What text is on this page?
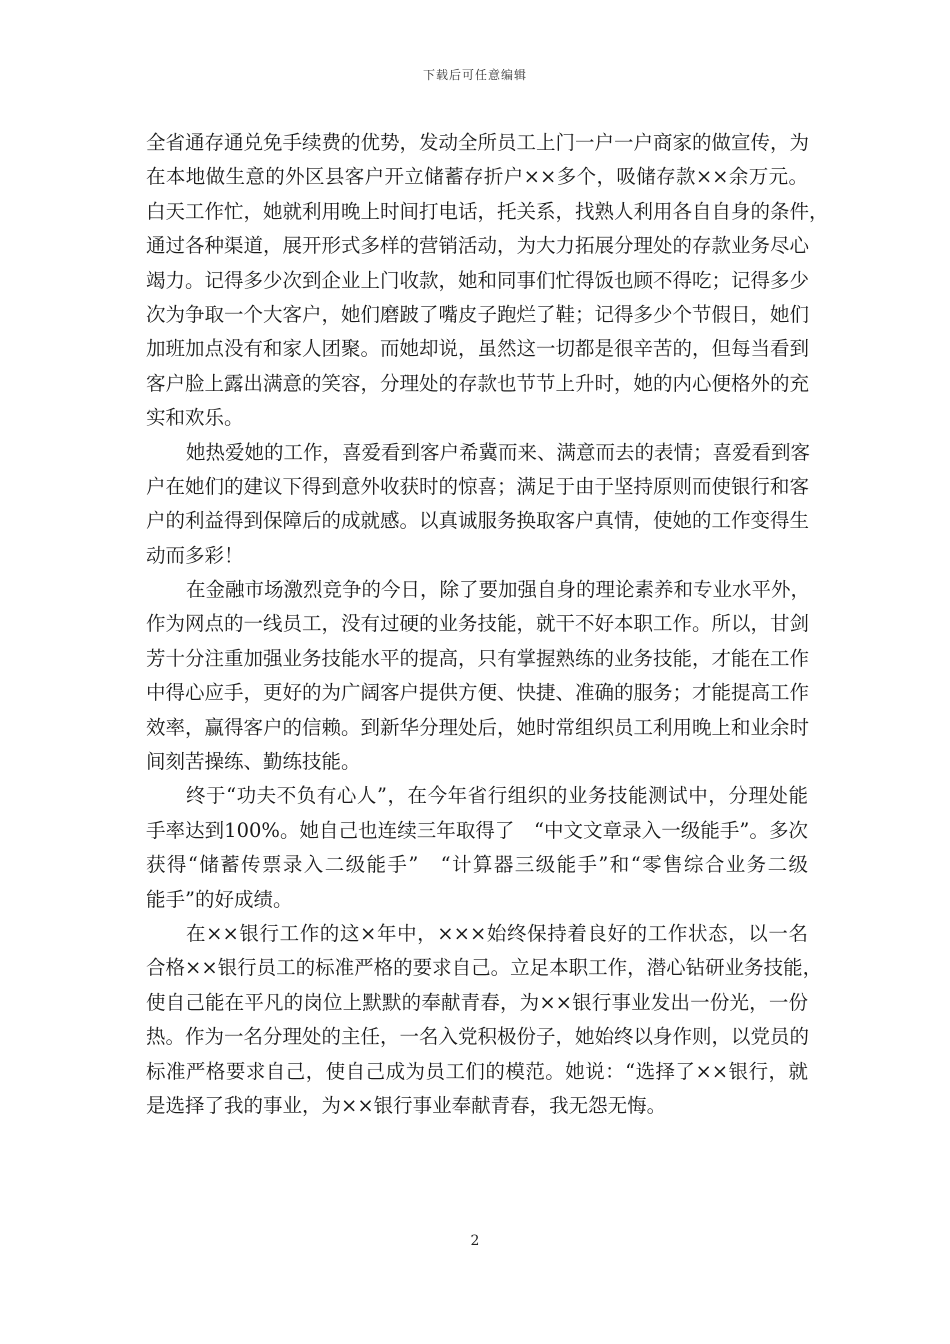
下载后可任意编辑
全省通存通兑免手续费的优势，发动全所员工上门一户一户商家的做宣传，为
在本地做生意的外区县客户开立储蓄存折户××多个，吸储存款××余万元。
白天工作忙，她就利用晚上时间打电话，托关系，找熟人利用各自自身的条件，
通过各种渠道，展开形式多样的营销活动，为大力拓展分理处的存款业务尽心
竭力。记得多少次到企业上门收款，她和同事们忙得饭也顾不得吃；记得多少
次为争取一个大客户，她们磨跛了嘴皮子跑烂了鞋；记得多少个节假日，她们
加班加点没有和家人团聚。而她却说，虽然这一切都是很辛苦的，但每当看到
客户脸上露出满意的笑容，分理处的存款也节节上升时，她的内心便格外的充
实和欢乐。
她热爱她的工作，喜爱看到客户希冀而来、满意而去的表情；喜爱看到客
户在她们的建议下得到意外收获时的惊喜；满足于由于坚持原则而使银行和客
户的利益得到保障后的成就感。以真诚服务换取客户真情，使她的工作变得生
动而多彩！
在金融市场激烈竞争的今日，除了要加强自身的理论素养和专业水平外，
作为网点的一线员工，没有过硬的业务技能，就干不好本职工作。所以，甘剑
芳十分注重加强业务技能水平的提高，只有掌握熟练的业务技能，才能在工作
中得心应手，更好的为广阔客户提供方便、快捷、准确的服务；才能提高工作
效率，赢得客户的信赖。到新华分理处后，她时常组织员工利用晚上和业余时
间刻苦操练、勤练技能。
终于“功夫不负有心人”，在今年省行组织的业务技能测试中，分理处能
手率达到100%。她自己也连续三年取得了　“中文文章录入一级能手”。多次
获得“储蓄传票录入二级能手”　“计算器三级能手”和“零售综合业务二级
能手”的好成绩。
在××银行工作的这×年中，×××始终保持着良好的工作状态，以一名
合格××银行员工的标准严格的要求自己。立足本职工作，潜心钻研业务技能，
使自己能在平凡的岗位上默默的奉献青春，为××银行事业发出一份光，一份
热。作为一名分理处的主任，一名入党积极份子，她始终以身作则，以党员的
标准严格要求自己，使自己成为员工们的模范。她说：“选择了××银行，就
是选择了我的事业，为××银行事业奉献青春，我无怨无悔。
2
